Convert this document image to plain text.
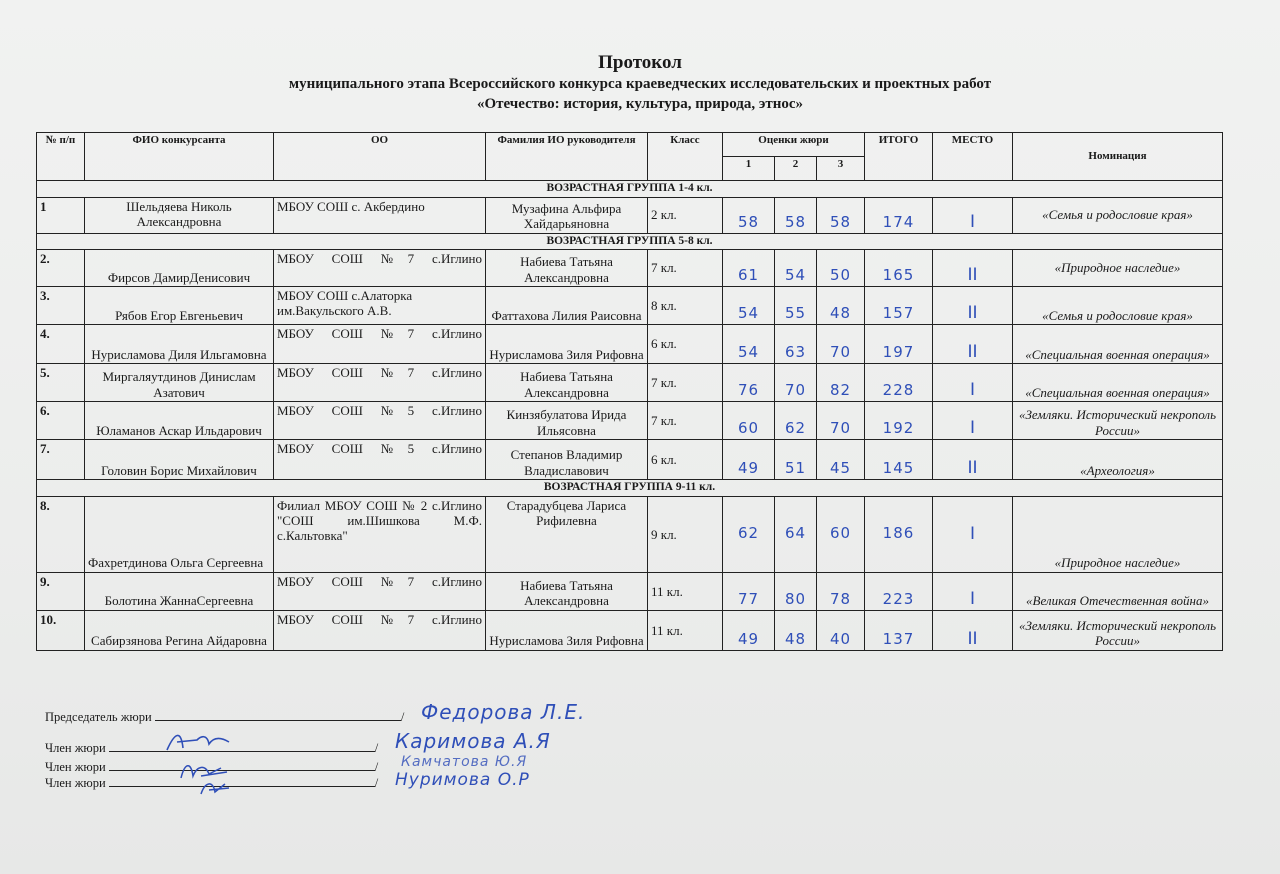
Протокол
муниципального этапа Всероссийского конкурса краеведческих исследовательских и проектных работ
«Отечество: история, культура, природа, этнос»
№ п/п	ФИО конкурсанта	ОО	Фамилия ИО руководителя	Класс	Оценки жюри			ИТОГО	МЕСТО	Номинация
					1	2	3			
ВОЗРАСТНАЯ ГРУППА 1-4 кл.										
1	Шельдяева Николь Александровна	МБОУ СОШ с. Акбердино	Музафина Альфира Хайдарьяновна	2 кл.	58	58	58	174	I	«Семья и родословие края»
ВОЗРАСТНАЯ ГРУППА 5-8 кл.										
2.	Фирсов ДамирДенисович	МБОУ СОШ №7 с.Иглино	Набиева Татьяна Александровна	7 кл.	61	54	50	165	II	«Природное наследие»
3.	Рябов Егор Евгеньевич	МБОУ СОШ с.Алаторка им.Вакульского А.В.	Фаттахова Лилия Раисовна	8 кл.	54	55	48	157	II	«Семья и родословие края»
4.	Нурисламова Диля Ильгамовна	МБОУ СОШ №7 с.Иглино	Нурисламова Зиля Рифовна	6 кл.	54	63	70	197	II	«Специальная военная операция»
5.	Миргаляутдинов Динислам Азатович	МБОУ СОШ №7 с.Иглино	Набиева Татьяна Александровна	7 кл.	76	70	82	228	I	«Специальная военная операция»
6.	Юламанов Аскар Ильдарович	МБОУ СОШ №5 с.Иглино	Кинзябулатова Ирида Ильясовна	7 кл.	60	62	70	192	I	«Земляки. Исторический некрополь России»
7.	Головин Борис Михайлович	МБОУ СОШ №5 с.Иглино	Степанов Владимир Владиславович	6 кл.	49	51	45	145	II	«Археология»
ВОЗРАСТНАЯ ГРУППА 9-11 кл.										
8.	Фахретдинова Ольга Сергеевна	Филиал МБОУ СОШ № 2 с.Иглино "СОШ им.Шишкова М.Ф. с.Кальтовка"	Старадубцева Лариса Рифилевна	9 кл.	62	64	60	186	I	«Природное наследие»
9.	Болотина ЖаннаСергеевна	МБОУ СОШ №7 с.Иглино	Набиева Татьяна Александровна	11 кл.	77	80	78	223	I	«Великая Отечественная война»
10.	Сабирзянова Регина Айдаровна	МБОУ СОШ №7 с.Иглино	Нурисламова Зиля Рифовна	11 кл.	49	48	40	137	II	«Земляки. Исторический некрополь России»
Председатель жюри	/ Федорова Л.Е.
Член жюри	/ Каримова А.Я
Член жюри	/ Камчатова Ю.Я
Член жюри	/ Нуримова О.Р
